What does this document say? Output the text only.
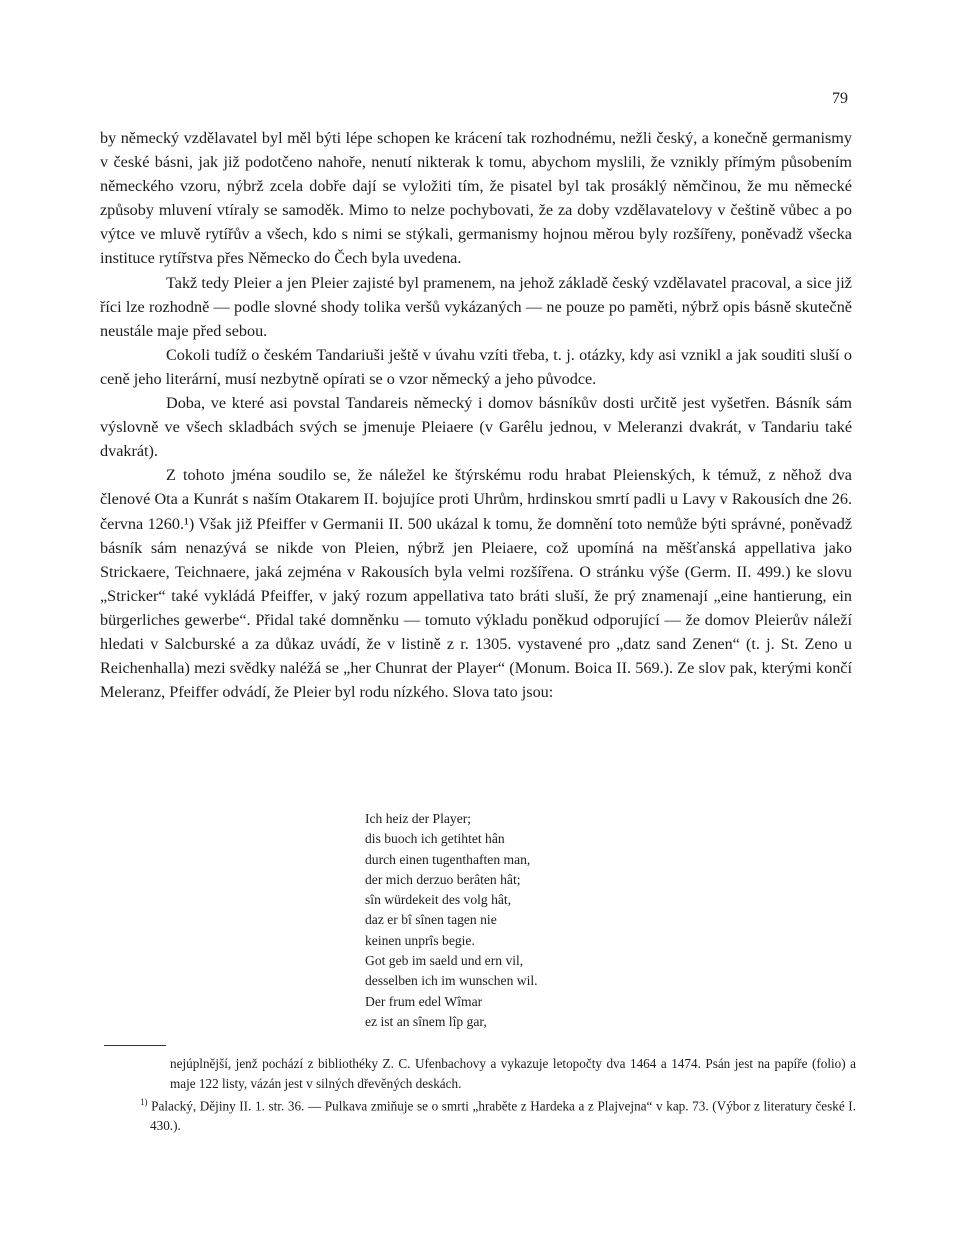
79

by německý vzdělavatel byl měl býti lépe schopen ke krácení tak rozhodnému, nežli český, a konečně germanismy v české básni, jak již podotčeno nahoře, nenutí nikterak k tomu, abychom myslili, že vznikly přímým působením německého vzoru, nýbrž zcela dobře dají se vyložiti tím, že pisatel byl tak prosáklý němčinou, že mu německé způsoby mluvení vtíraly se samoděk. Mimo to nelze pochybovati, že za doby vzdělavatelovy v češtině vůbec a po výtce ve mluvě rytířův a všech, kdo s nimi se stýkali, germanismy hojnou měrou byly rozšířeny, poněvadž všecka instituce rytířstva přes Německo do Čech byla uvedena.

Takž tedy Pleier a jen Pleier zajisté byl pramenem, na jehož základě český vzdělavatel pracoval, a sice již říci lze rozhodně — podle slovné shody tolika veršů vykázaných — ne pouze po paměti, nýbrž opis básně skutečně neustále maje před sebou.

Cokoli tudíž o českém Tandariuši ještě v úvahu vzíti třeba, t. j. otázky, kdy asi vznikl a jak souditi sluší o ceně jeho literární, musí nezbytně opírati se o vzor německý a jeho původce.

Doba, ve které asi povstal Tandareis německý i domov básníkův dosti určitě jest vyšetřen. Básník sám výslovně ve všech skladbách svých se jmenuje Pleiaere (v Garêlu jednou, v Meleranzi dvakrát, v Tandariu také dvakrát).

Z tohoto jména soudilo se, že náležel ke štýrskému rodu hrabat Pleienských, k témuž, z něhož dva členové Ota a Kunrát s naším Otakarem II. bojujíce proti Uhrům, hrdinskou smrtí padli u Lavy v Rakousích dne 26. června 1260.¹) Však již Pfeiffer v Germanii II. 500 ukázal k tomu, že domnění toto nemůže býti správné, poněvadž básník sám nenazývá se nikde von Pleien, nýbrž jen Pleiaere, což upomíná na měšťanská appellativa jako Strickaere, Teichnaere, jaká zejména v Rakousích byla velmi rozšířena. O stránku výše (Germ. II. 499.) ke slovu „Stricker“ také vykládá Pfeiffer, v jaký rozum appellativa tato bráti sluší, že prý znamenají „eine hantierung, ein bürgerliches gewerbe“. Přidal také domněnku — tomuto výkladu poněkud odporující — že domov Pleierův náleží hledati v Salcburské a za důkaz uvádí, že v listině z r. 1305. vystavené pro „datz sand Zenen“ (t. j. St. Zeno u Reichenhalla) mezi svědky naléžá se „her Chunrat der Player“ (Monum. Boica II. 569.). Ze slov pak, kterými končí Meleranz, Pfeiffer odvádí, že Pleier byl rodu nízkého. Slova tato jsou:

Ich heiz der Player;
dis buoch ich getihtet hân
durch einen tugenthaften man,
der mich derzuo berâten hât;
sîn würdekeit des volg hât,
daz er bî sînen tagen nie
keinen unprîs begie.
Got geb im saeld und ern vil,
desselben ich im wunschen wil.
Der frum edel Wîmar
ez ist an sînem lîp gar,
nejúplnější, jenž pochází z bibliothéky Z. C. Ufenbachovy a vykazuje letopočty dva 1464 a 1474. Psán jest na papíře (folio) a maje 122 listy, vázán jest v silných dřevěných deskách.
$^{1)}$ Palacký, Dějiny II. 1. str. 36. — Pulkava zmiňuje se o smrti „hraběte z Hardeka a z Plajvejna“ v kap. 73. (Výbor z literatury české I. 430.).
